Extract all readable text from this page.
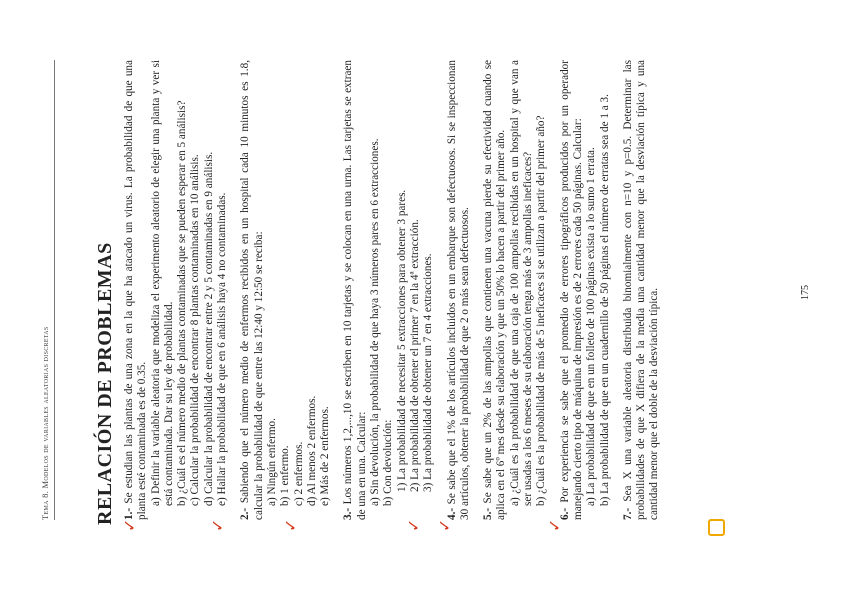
Tema 8. Modelos de variables aleatorias discretas RELACIÓN DE PROBLEMAS 1.- Se estudian las plantas de una zona en la que ha atacado un virus. La probabilidad de que una planta esté contaminada es de 0.35. a) Definir la variable aleatoria que modeliza el experimento aleatorio de elegir una planta y ver si está contaminada. Dar su ley de probabilidad. b) ¿Cuál es el número medio de plantas contaminadas que se pueden esperar en 5 análisis? c) Calcular la probabilidad de encontrar 8 plantas contaminadas en 10 análisis. d) Calcular la probabilidad de encontrar entre 2 y 5 contaminadas en 9 análisis. e) Hallar la probabilidad de que en 6 análisis haya 4 no contaminadas.
2.- Sabiendo que el número medio de enfermos recibidos en un hospital cada 10 minutos es 1.8, calcular la probabilidad de que entre las 12:40 y 12:50 se reciba: a) Ningún enfermo. b) 1 enfermo. c) 2 enfermos. d) Al menos 2 enfermos. e) Más de 2 enfermos.
3.- Los números 1,2,...,10 se escriben en 10 tarjetas y se colocan en una urna. Las tarjetas se extraen de una en una. Calcular: a) Sin devolución, la probabilidad de que haya 3 números pares en 6 extracciones. b) Con devolución: 1) La probabilidad de necesitar 5 extracciones para obtener 3 pares. 2) La probabilidad de obtener el primer 7 en la 4ª extracción. 3) La probabilidad de obtener un 7 en 4 extracciones.
4.- Se sabe que el 1% de los artículos incluidos en un embarque son defectuosos. Si se inspeccionan 30 artículos, obtener la probabilidad de que 2 o más sean defectuosos. 5.- Se sabe que un 2% de las ampollas que contienen una vacuna pierde su efectividad cuando se aplica en el 6º mes desde su elaboración y que un 50% lo hacen a partir del primer año. a) ¿Cuál es la probabilidad de que una caja de 100 ampollas recibidas en un hospital y que van a ser usadas a los 6 meses de su elaboración tenga más de 3 ampollas ineficaces? b) ¿Cuál es la probabilidad de más de 5 ineficaces si se utilizan a partir del primer año?
6.- Por experiencia se sabe que el promedio de errores tipográficos producidos por un operador manejando cierto tipo de máquina de impresión es de 2 errores cada 50 páginas. Calcular: a) La probabilidad de que en un folleto de 100 páginas exista a lo sumo 1 errata. b) La probabilidad de que en un cuadernillo de 50 páginas el número de erratas sea de 1 a 3.
7.- Sea X una variable aleatoria distribuida binomialmente con n=10 y p=0.5. Determinar las probabilidades de que X difiera de la media una cantidad menor que la desviación típica y una cantidad menor que el doble de la desviación típica.	175
✓	✓	✓	✓ ✓	✓
